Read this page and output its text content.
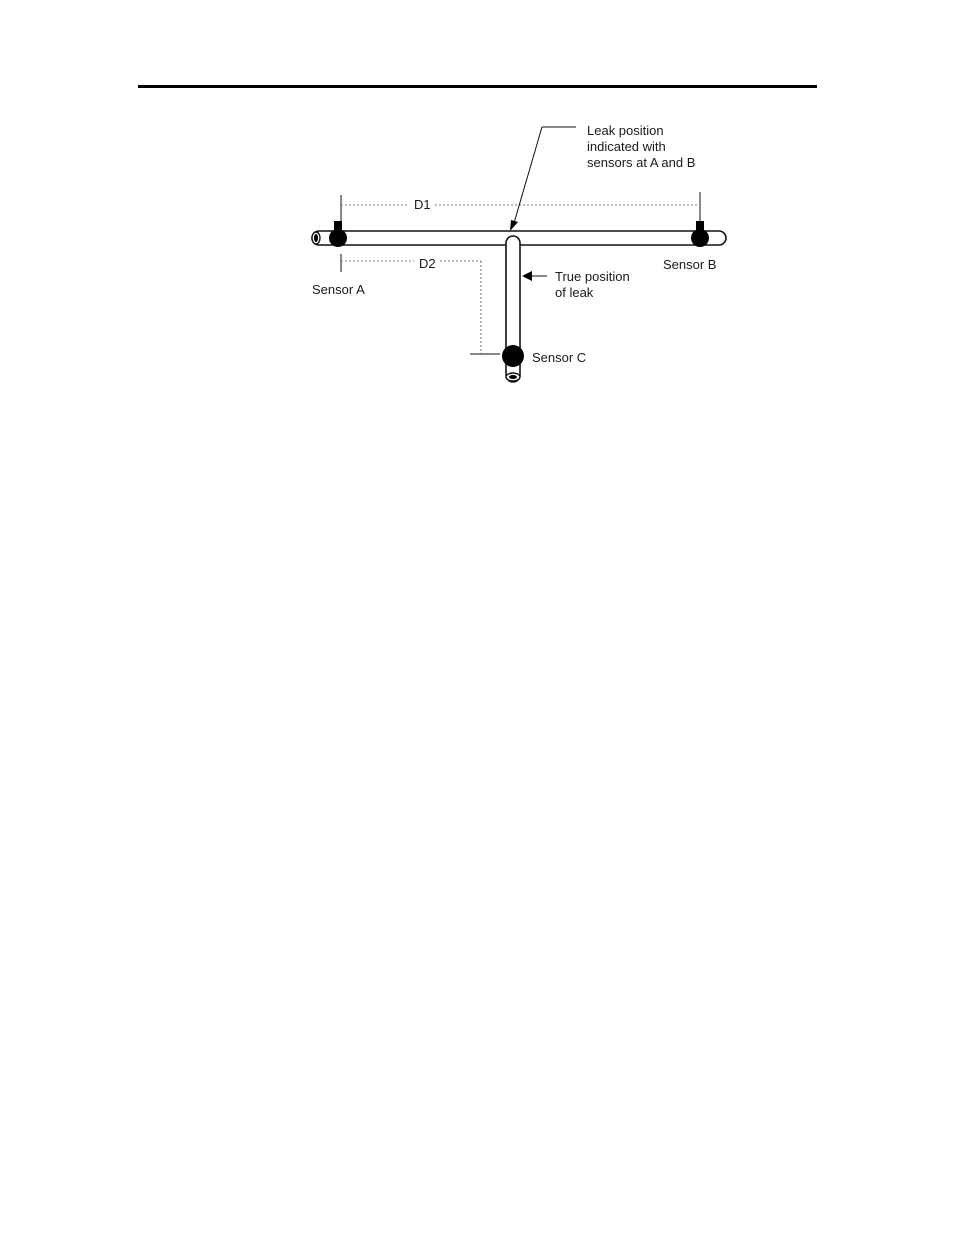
D1
D2
Leak position
indicated with
sensors at A and B
True position
of leak
Sensor A
Sensor B
Sensor C
